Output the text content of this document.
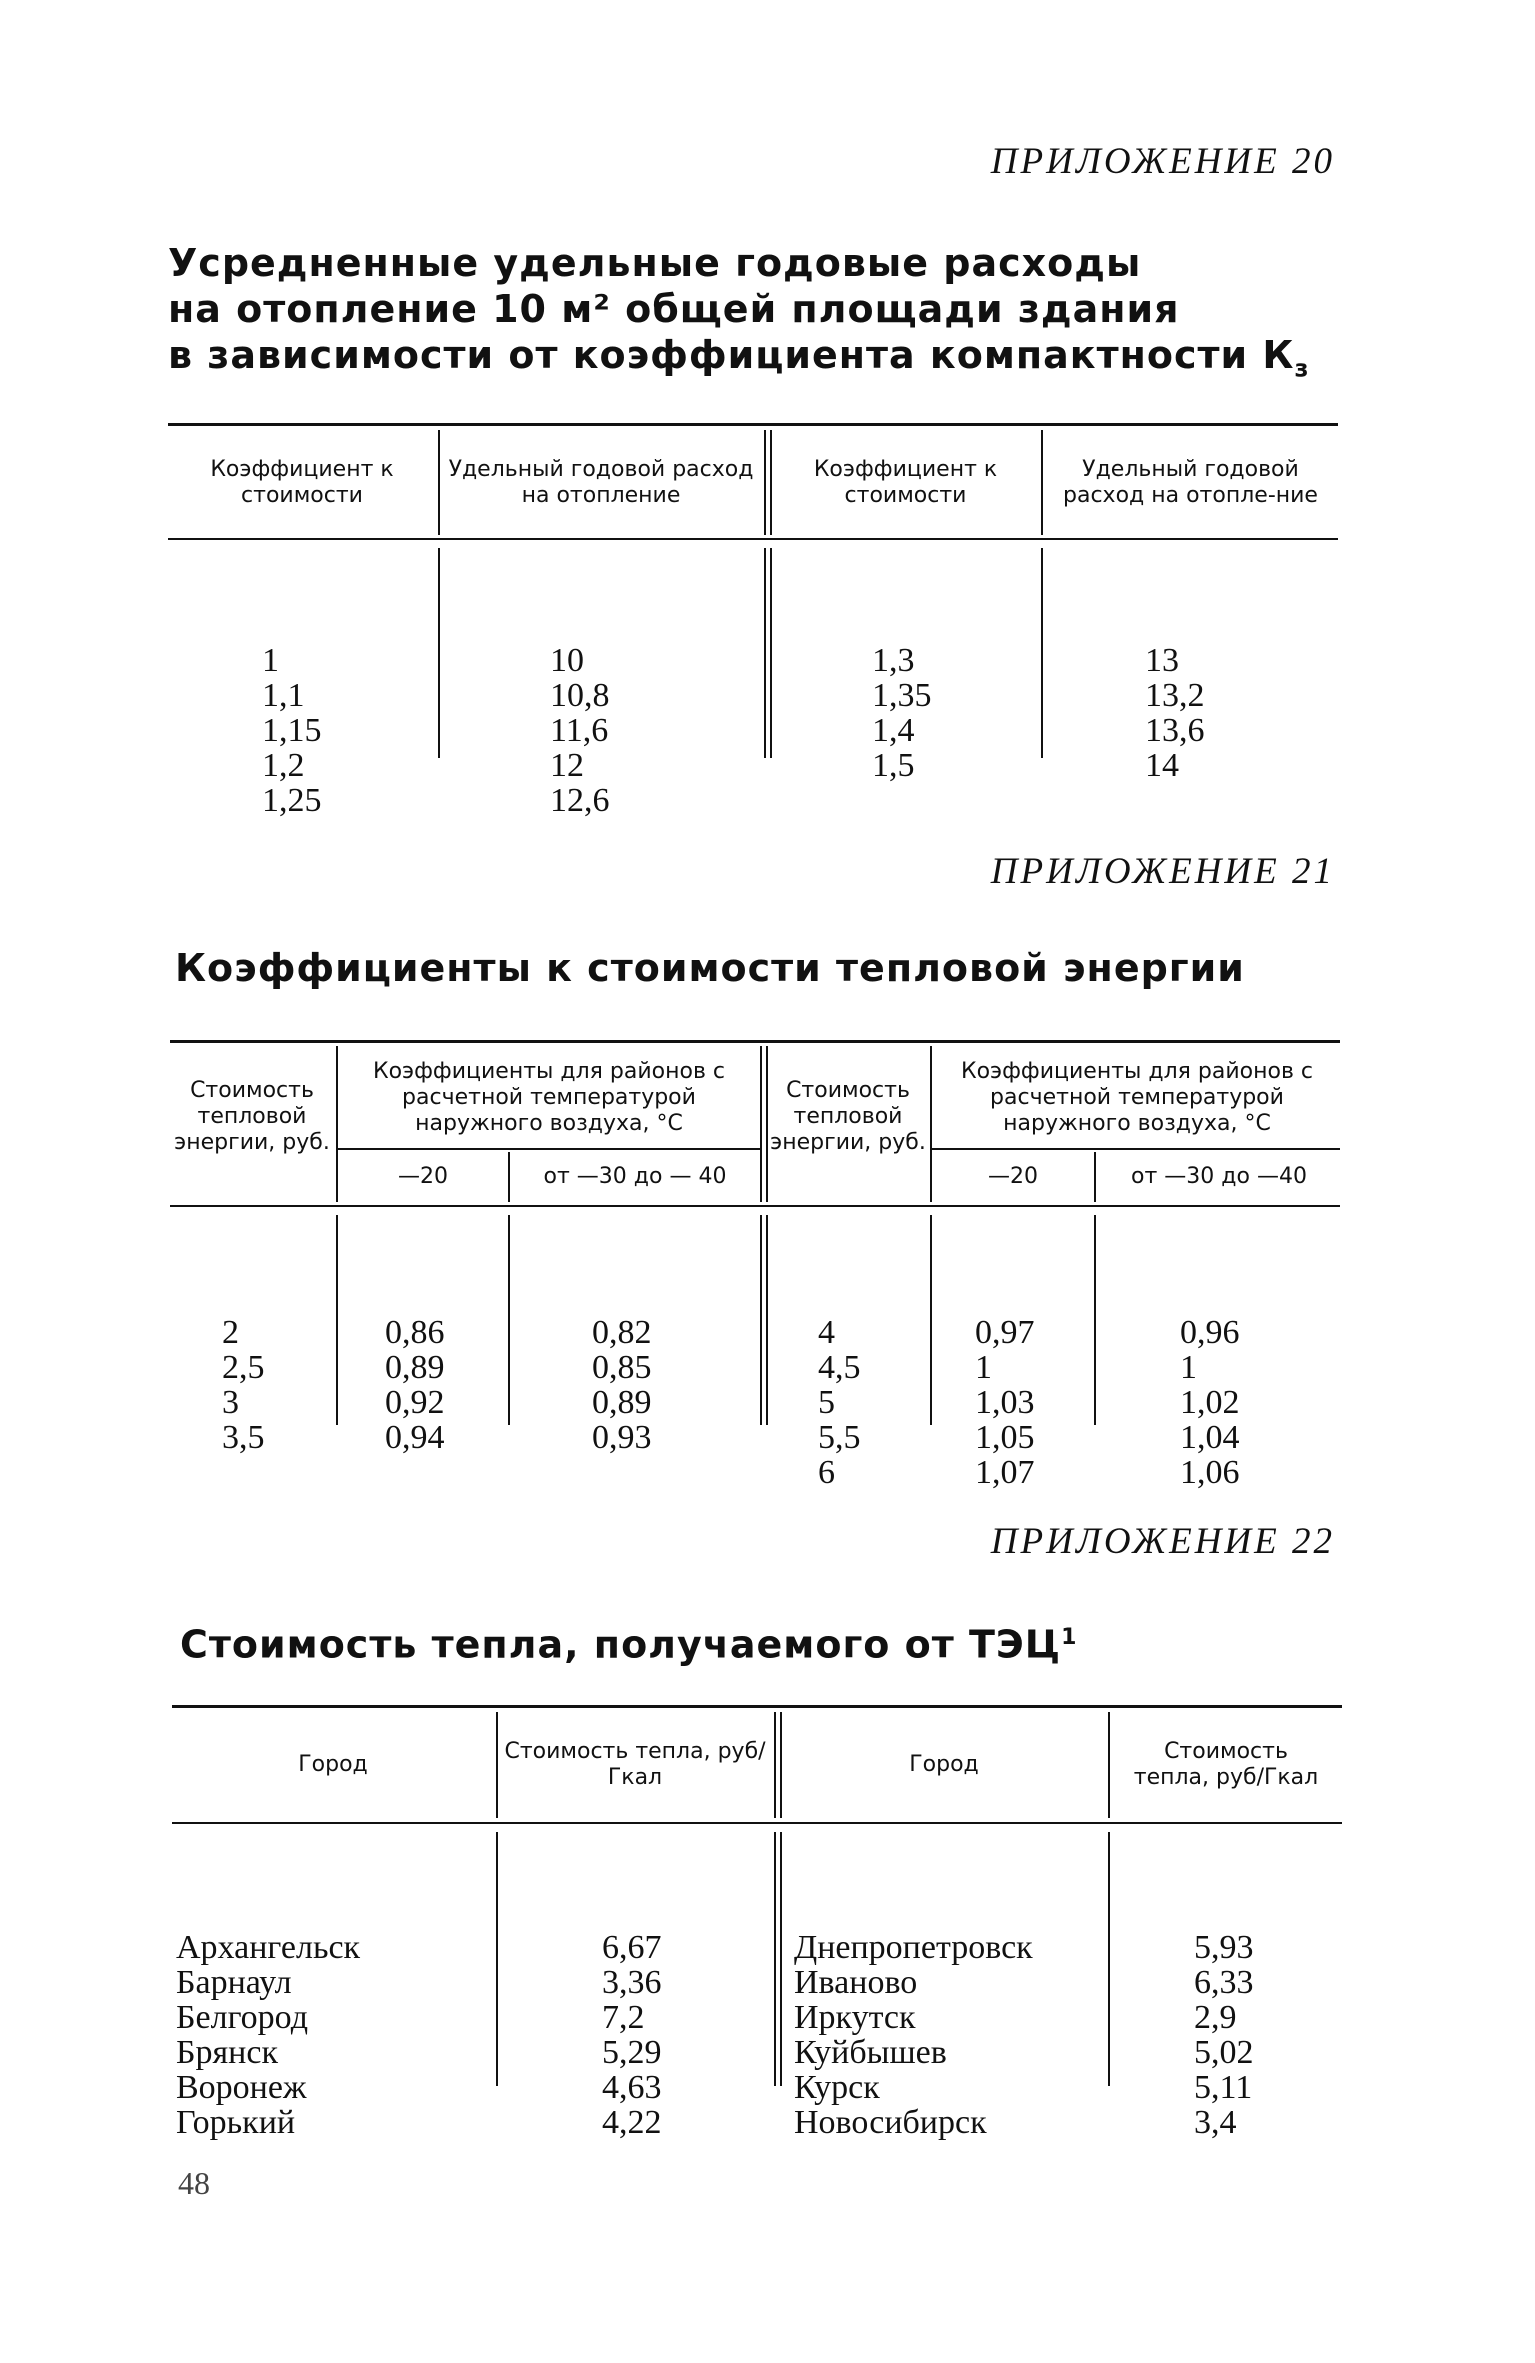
ПРИЛОЖЕНИЕ 20

Усредненные удельные годовые расходы

на отопление 10 м² общей площади здания

в зависимости от коэффициента компактности $К_з$

Коэффициент к стоимости
Удельный годовой расход на отопление
Коэффициент к стоимости
Удельный годовой расход на отопле-ние

1
1,1
1,15
1,2
1,25

10
10,8
11,6
12
12,6

1,3
1,35
1,4
1,5

13
13,2
13,6
14

ПРИЛОЖЕНИЕ 21

Коэффициенты к стоимости тепловой энергии

Стоимость тепловой энергии, руб.
Коэффициенты для районов с расчетной температурой наружного воздуха, °С
—20	от —30 до — 40
Стоимость тепловой энергии, руб.
Коэффициенты для районов с расчетной температурой наружного воздуха, °С
—20	от —30 до —40

2
2,5
3
3,5

0,86
0,89
0,92
0,94

0,82
0,85
0,89
0,93

4
4,5
5
5,5
6

0,97
1
1,03
1,05
1,07

0,96
1
1,02
1,04
1,06

ПРИЛОЖЕНИЕ 22

Стоимость тепла, получаемого от ТЭЦ$^1$

Город
Стоимость тепла, руб/Гкал
Город
Стоимость тепла, руб/Гкал

Архангельск
Барнаул
Белгород
Брянск
Воронеж
Горький

6,67
3,36
7,2
5,29
4,63
4,22

Днепропетровск
Иваново
Иркутск
Куйбышев
Курск
Новосибирск

5,93
6,33
2,9
5,02
5,11
3,4

48
